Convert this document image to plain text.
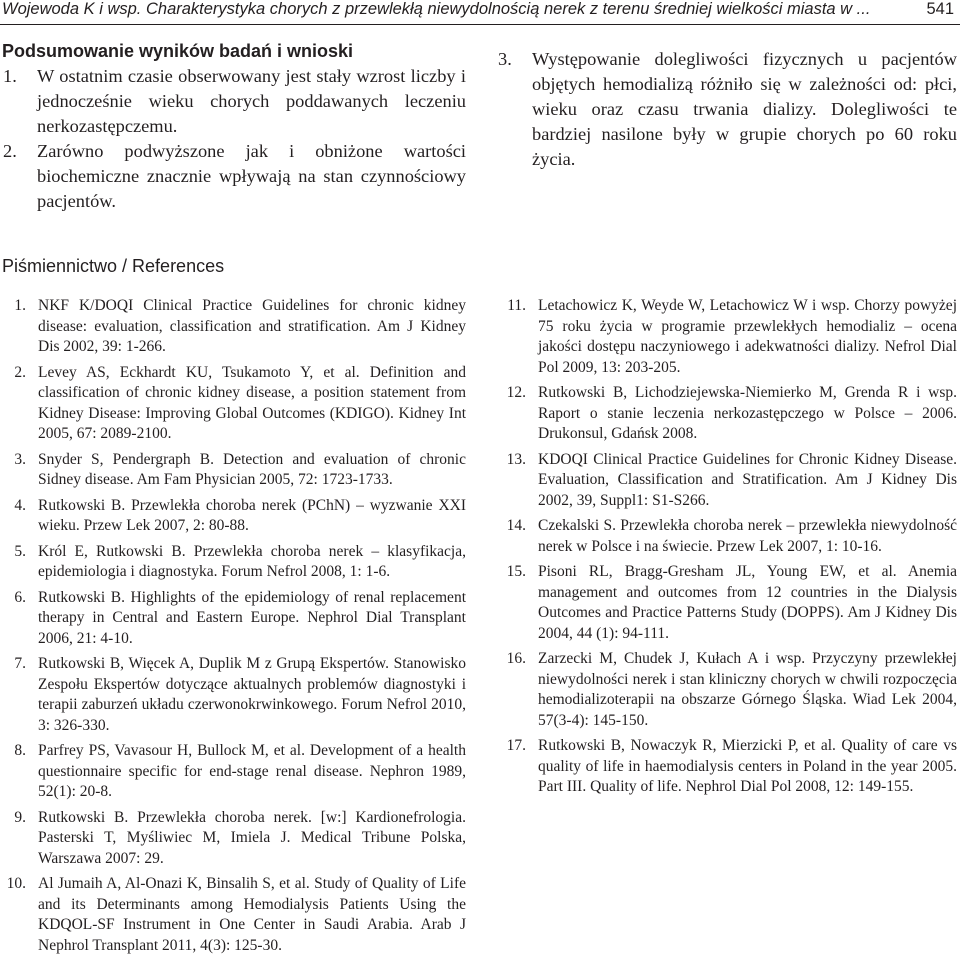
Wojewoda K i wsp. Charakterystyka chorych z przewlekłą niewydolnością nerek z terenu średniej wielkości miasta w ...	541
Podsumowanie wyników badań i wnioski
1. W ostatnim czasie obserwowany jest stały wzrost liczby i jednocześnie wieku chorych poddawanych leczeniu nerkozastępczemu.
2. Zarówno podwyższone jak i obniżone wartości biochemiczne znacznie wpływają na stan czynnościowy pacjentów.
3. Występowanie dolegliwości fizycznych u pacjentów objętych hemodializą różniło się w zależności od: płci, wieku oraz czasu trwania dializy. Dolegliwości te bardziej nasilone były w grupie chorych po 60 roku życia.
Piśmiennictwo / References
1. NKF K/DOQI Clinical Practice Guidelines for chronic kidney disease: evaluation, classification and stratification. Am J Kidney Dis 2002, 39: 1-266.
2. Levey AS, Eckhardt KU, Tsukamoto Y, et al. Definition and classification of chronic kidney disease, a position statement from Kidney Disease: Improving Global Outcomes (KDIGO). Kidney Int 2005, 67: 2089-2100.
3. Snyder S, Pendergraph B. Detection and evaluation of chronic Sidney disease. Am Fam Physician 2005, 72: 1723-1733.
4. Rutkowski B. Przewlekła choroba nerek (PChN) – wyzwanie XXI wieku. Przew Lek 2007, 2: 80-88.
5. Król E, Rutkowski B. Przewlekła choroba nerek – klasyfikacja, epidemiologia i diagnostyka. Forum Nefrol 2008, 1: 1-6.
6. Rutkowski B. Highlights of the epidemiology of renal replacement therapy in Central and Eastern Europe. Nephrol Dial Transplant 2006, 21: 4-10.
7. Rutkowski B, Więcek A, Duplik M z Grupą Ekspertów. Stanowisko Zespołu Ekspertów dotyczące aktualnych problemów diagnostyki i terapii zaburzeń układu czerwonokrwinkowego. Forum Nefrol 2010, 3: 326-330.
8. Parfrey PS, Vavasour H, Bullock M, et al. Development of a health questionnaire specific for end-stage renal disease. Nephron 1989, 52(1): 20-8.
9. Rutkowski B. Przewlekła choroba nerek. [w:] Kardionefrologia. Pasterski T, Myśliwiec M, Imiela J. Medical Tribune Polska, Warszawa 2007: 29.
10. Al Jumaih A, Al-Onazi K, Binsalih S, et al. Study of Quality of Life and its Determinants among Hemodialysis Patients Using the KDQOL-SF Instrument in One Center in Saudi Arabia. Arab J Nephrol Transplant 2011, 4(3): 125-30.
11. Letachowicz K, Weyde W, Letachowicz W i wsp. Chorzy powyżej 75 roku życia w programie przewlekłych hemodializ – ocena jakości dostępu naczyniowego i adekwatności dializy. Nefrol Dial Pol 2009, 13: 203-205.
12. Rutkowski B, Lichodziejewska-Niemierko M, Grenda R i wsp. Raport o stanie leczenia nerkozastępczego w Polsce – 2006. Drukonsul, Gdańsk 2008.
13. KDOQI Clinical Practice Guidelines for Chronic Kidney Disease. Evaluation, Classification and Stratification. Am J Kidney Dis 2002, 39, Suppl1: S1-S266.
14. Czekalski S. Przewlekła choroba nerek – przewlekła niewydolność nerek w Polsce i na świecie. Przew Lek 2007, 1: 10-16.
15. Pisoni RL, Bragg-Gresham JL, Young EW, et al. Anemia management and outcomes from 12 countries in the Dialysis Outcomes and Practice Patterns Study (DOPPS). Am J Kidney Dis 2004, 44 (1): 94-111.
16. Zarzecki M, Chudek J, Kułach A i wsp. Przyczyny przewlekłej niewydolności nerek i stan kliniczny chorych w chwili rozpoczęcia hemodializoterapii na obszarze Górnego Śląska. Wiad Lek 2004, 57(3-4): 145-150.
17. Rutkowski B, Nowaczyk R, Mierzicki P, et al. Quality of care vs quality of life in haemodialysis centers in Poland in the year 2005. Part III. Quality of life. Nephrol Dial Pol 2008, 12: 149-155.
